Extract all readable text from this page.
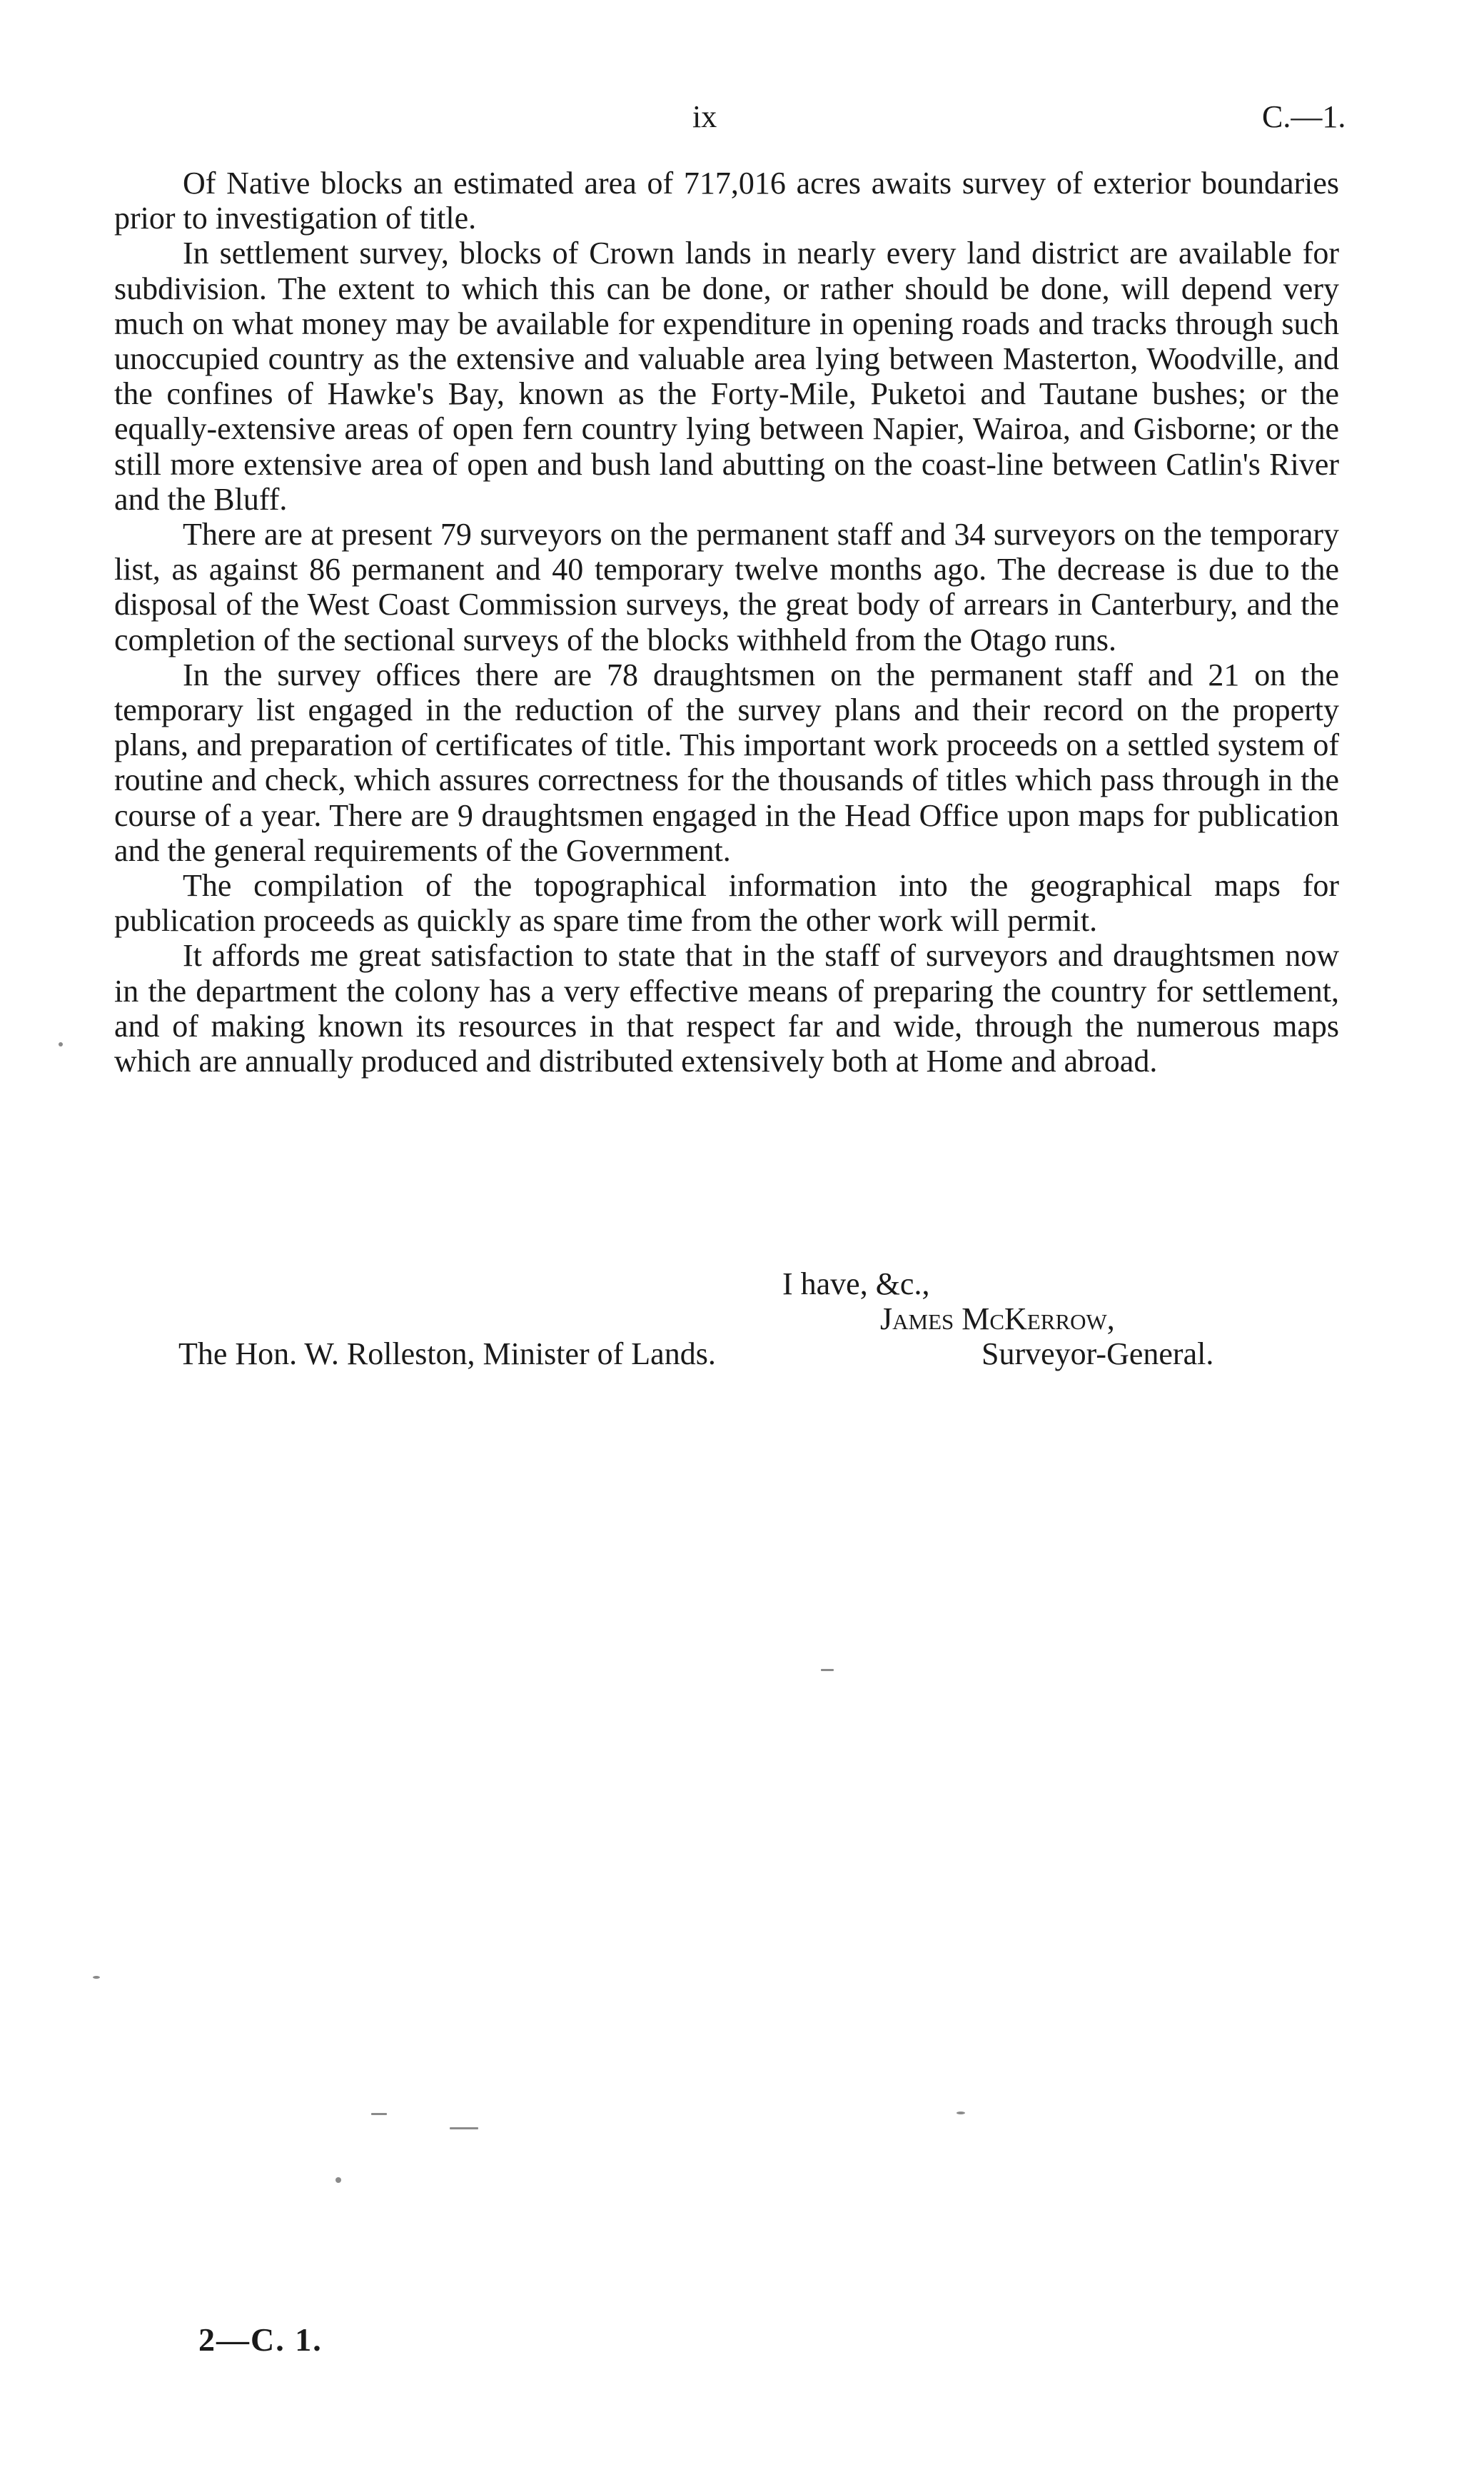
ix	C.—1.

Of Native blocks an estimated area of 717,016 acres awaits survey of exterior boundaries prior to investigation of title.

In settlement survey, blocks of Crown lands in nearly every land district are available for subdivision. The extent to which this can be done, or rather should be done, will depend very much on what money may be available for expenditure in opening roads and tracks through such unoccupied country as the extensive and valuable area lying between Masterton, Woodville, and the confines of Hawke's Bay, known as the Forty-Mile, Puketoi and Tautane bushes; or the equally-extensive areas of open fern country lying between Napier, Wairoa, and Gisborne; or the still more extensive area of open and bush land abutting on the coast-line between Catlin's River and the Bluff.

There are at present 79 surveyors on the permanent staff and 34 surveyors on the temporary list, as against 86 permanent and 40 temporary twelve months ago. The decrease is due to the disposal of the West Coast Commission surveys, the great body of arrears in Canterbury, and the completion of the sectional surveys of the blocks withheld from the Otago runs.

In the survey offices there are 78 draughtsmen on the permanent staff and 21 on the temporary list engaged in the reduction of the survey plans and their record on the property plans, and preparation of certificates of title. This important work proceeds on a settled system of routine and check, which assures correctness for the thousands of titles which pass through in the course of a year. There are 9 draughtsmen engaged in the Head Office upon maps for publication and the general requirements of the Government.

The compilation of the topographical information into the geographical maps for publication proceeds as quickly as spare time from the other work will permit.

It affords me great satisfaction to state that in the staff of surveyors and draughtsmen now in the department the colony has a very effective means of preparing the country for settlement, and of making known its resources in that respect far and wide, through the numerous maps which are annually produced and distributed extensively both at Home and abroad.

I have, &c.,
James McKerrow,
The Hon. W. Rolleston, Minister of Lands.	Surveyor-General.
2—C. 1.
